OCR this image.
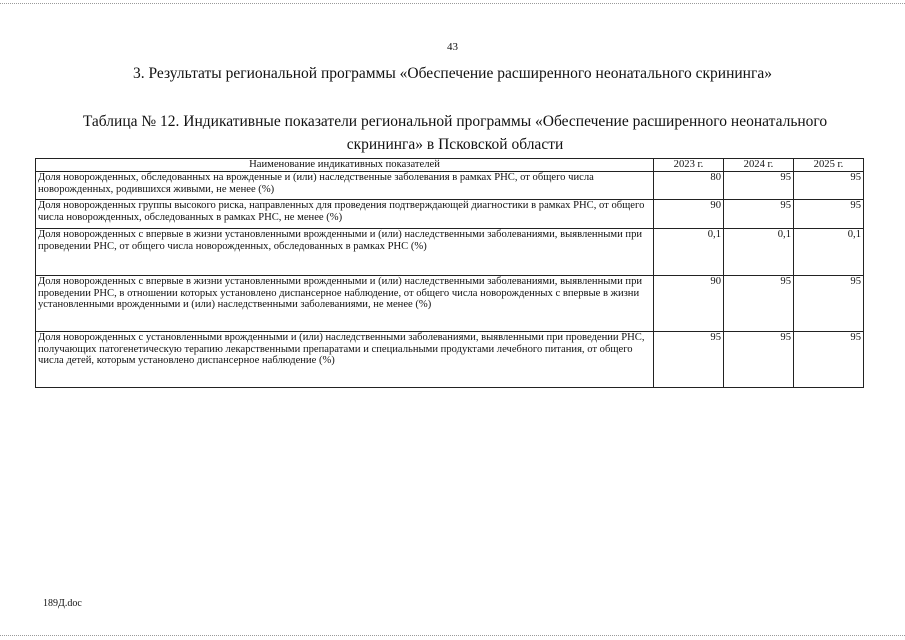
43
3. Результаты региональной программы «Обеспечение расширенного неонатального скрининга»
Таблица № 12. Индикативные показатели региональной программы «Обеспечение расширенного неонатального
скрининга» в Псковской области
Наименование индикативных показателей	2023 г.	2024 г.	2025 г.
Доля новорожденных, обследованных на врожденные и (или) наследственные заболевания в рамках РНС, от общего числа новорожденных, родившихся живыми, не менее (%)	80	95	95
Доля новорожденных группы высокого риска, направленных для проведения подтверждающей диагностики в рамках РНС, от общего числа новорожденных, обследованных в рамках РНС, не менее (%)	90	95	95
Доля новорожденных с впервые в жизни установленными врожденными и (или) наследственными заболеваниями, выявленными при проведении РНС, от общего числа новорожденных, обследованных в рамках РНС (%)	0,1	0,1	0,1
Доля новорожденных с впервые в жизни установленными врожденными и (или) наследственными заболеваниями, выявленными при проведении РНС, в отношении которых установлено диспансерное наблюдение, от общего числа новорожденных с впервые в жизни установленными врожденными и (или) наследственными заболеваниями, не менее (%)	90	95	95
Доля новорожденных с установленными врожденными и (или) наследственными заболеваниями, выявленными при проведении РНС, получающих патогенетическую терапию лекарственными препаратами и специальными продуктами лечебного питания, от общего числа детей, которым установлено диспансерное наблюдение (%)	95	95	95
189Д.doc
